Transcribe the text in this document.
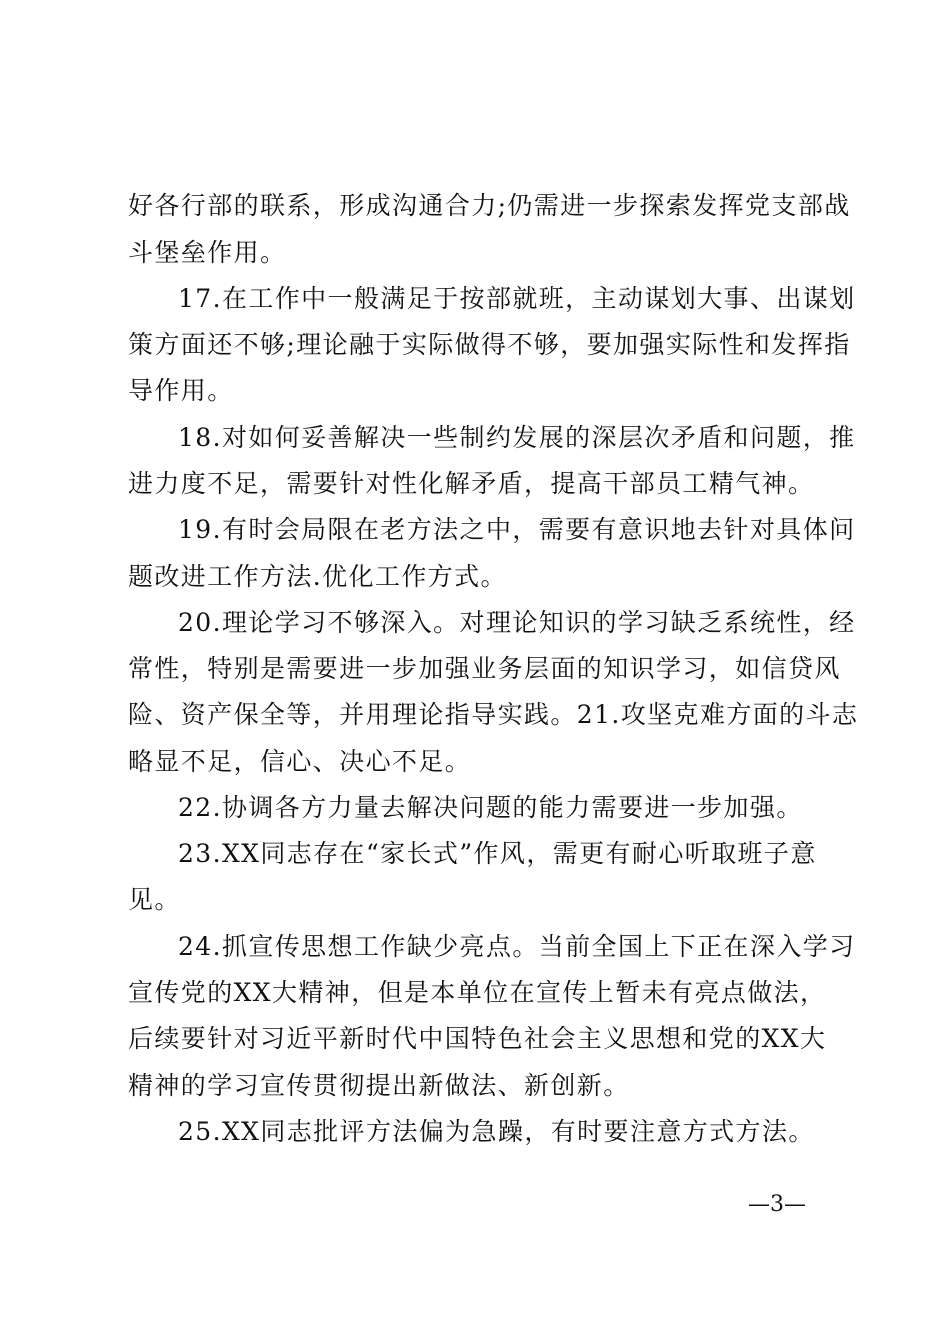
好各行部的联系，形成沟通合力;仍需进一步探索发挥党支部战
斗堡垒作用。
17.在工作中一般满足于按部就班，主动谋划大事、出谋划
策方面还不够;理论融于实际做得不够，要加强实际性和发挥指
导作用。
18.对如何妥善解决一些制约发展的深层次矛盾和问题，推
进力度不足，需要针对性化解矛盾，提高干部员工精气神。
19.有时会局限在老方法之中，需要有意识地去针对具体问
题改进工作方法.优化工作方式。
20.理论学习不够深入。对理论知识的学习缺乏系统性，经
常性，特别是需要进一步加强业务层面的知识学习，如信贷风
险、资产保全等，并用理论指导实践。21.攻坚克难方面的斗志
略显不足，信心、决心不足。
22.协调各方力量去解决问题的能力需要进一步加强。
23.XX同志存在“家长式”作风，需更有耐心听取班子意
见。
24.抓宣传思想工作缺少亮点。当前全国上下正在深入学习
宣传党的XX大精神，但是本单位在宣传上暂未有亮点做法，
后续要针对习近平新时代中国特色社会主义思想和党的XX大
精神的学习宣传贯彻提出新做法、新创新。
25.XX同志批评方法偏为急躁，有时要注意方式方法。
—3—
